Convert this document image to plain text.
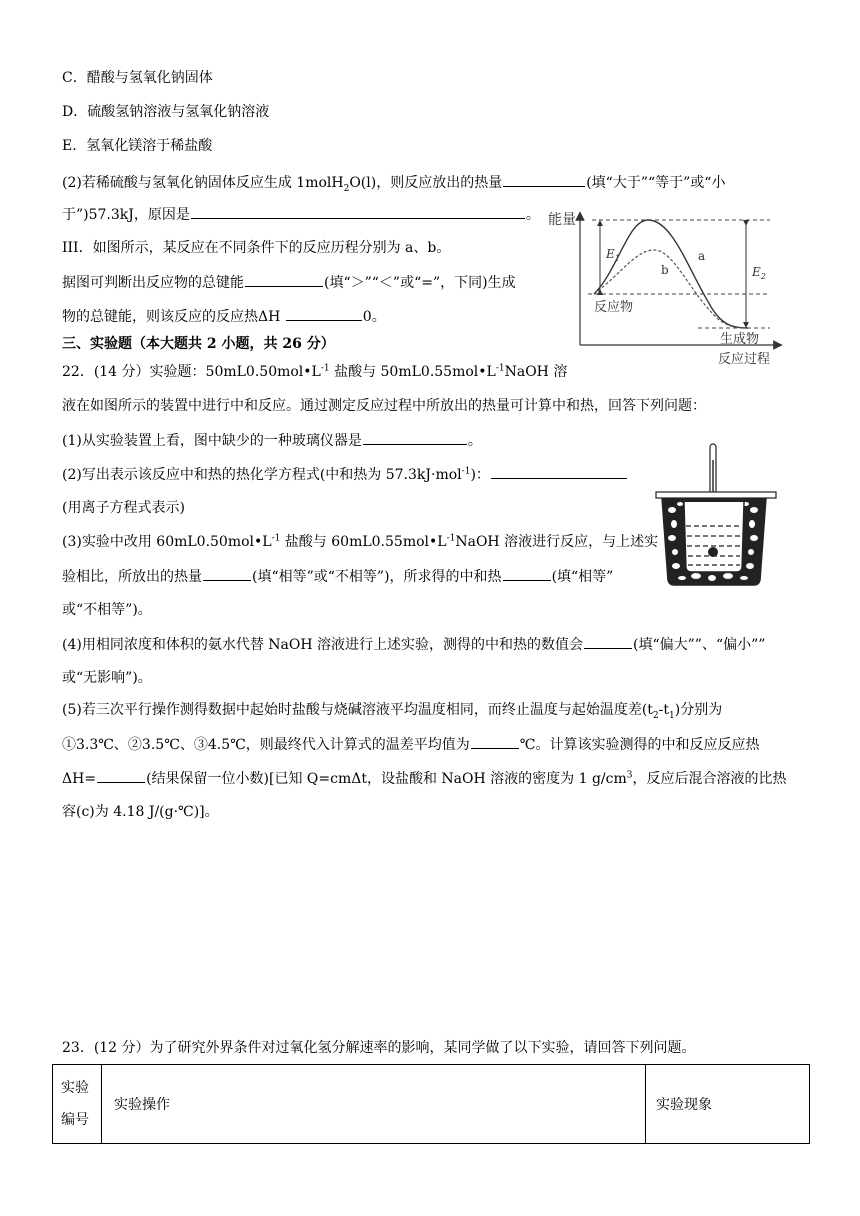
C．醋酸与氢氧化钠固体
D．硫酸氢钠溶液与氢氧化钠溶液
E．氢氧化镁溶于稀盐酸
(2)若稀硫酸与氢氧化钠固体反应生成 1molH$_2$O(l)，则反应放出的热量	(填“大于”“等于”或“小
于”)57.3kJ，原因是	。
III．如图所示，某反应在不同条件下的反应历程分别为 a、b。
据图可判断出反应物的总键能	(填“＞”“＜”或“=”，下同)生成
物的总键能，则该反应的反应热ΔH	0。
三、实验题（本大题共 2 小题，共 26 分）
22．(14 分）实验题：$50mL0.50mol•L^{-1}$ 盐酸与 $50mL0.55mol•L^{-1}NaOH$ 溶
液在如图所示的装置中进行中和反应。通过测定反应过程中所放出的热量可计算中和热，回答下列问题：
(1)从实验装置上看，图中缺少的一种玻璃仪器是	。
(2)写出表示该反应中和热的热化学方程式(中和热为 57.3kJ·mol$^{-1}$)：
(用离子方程式表示)
(3)实验中改用 $60mL0.50mol•L^{-1}$ 盐酸与 $60mL0.55mol•L^{-1}NaOH$ 溶液进行反应，与上述实
验相比，所放出的热量	(填“相等”或“不相等”)，所求得的中和热	(填“相等”
或“不相等”)。
(4)用相同浓度和体积的氨水代替 NaOH 溶液进行上述实验，测得的中和热的数值会	(填“偏大””、“偏小””
或“无影响”)。
(5)若三次平行操作测得数据中起始时盐酸与烧碱溶液平均温度相同，而终止温度与起始温度差$(t_2-t_1)$分别为
①3.3℃、②3.5℃、③4.5℃，则最终代入计算式的温差平均值为	℃。计算该实验测得的中和反应反应热
ΔH=	(结果保留一位小数)[已知 Q=cmΔt，设盐酸和 NaOH 溶液的密度为 1 $g/cm^3$，反应后混合溶液的比热
容(c)为 4.18 J/(g·℃)]。
23．(12 分）为了研究外界条件对过氧化氢分解速率的影响，某同学做了以下实验，请回答下列问题。
实验
编号	实验操作	实验现象
能量
$E_1$
$E_2$
a
b
反应物
生成物
反应过程
